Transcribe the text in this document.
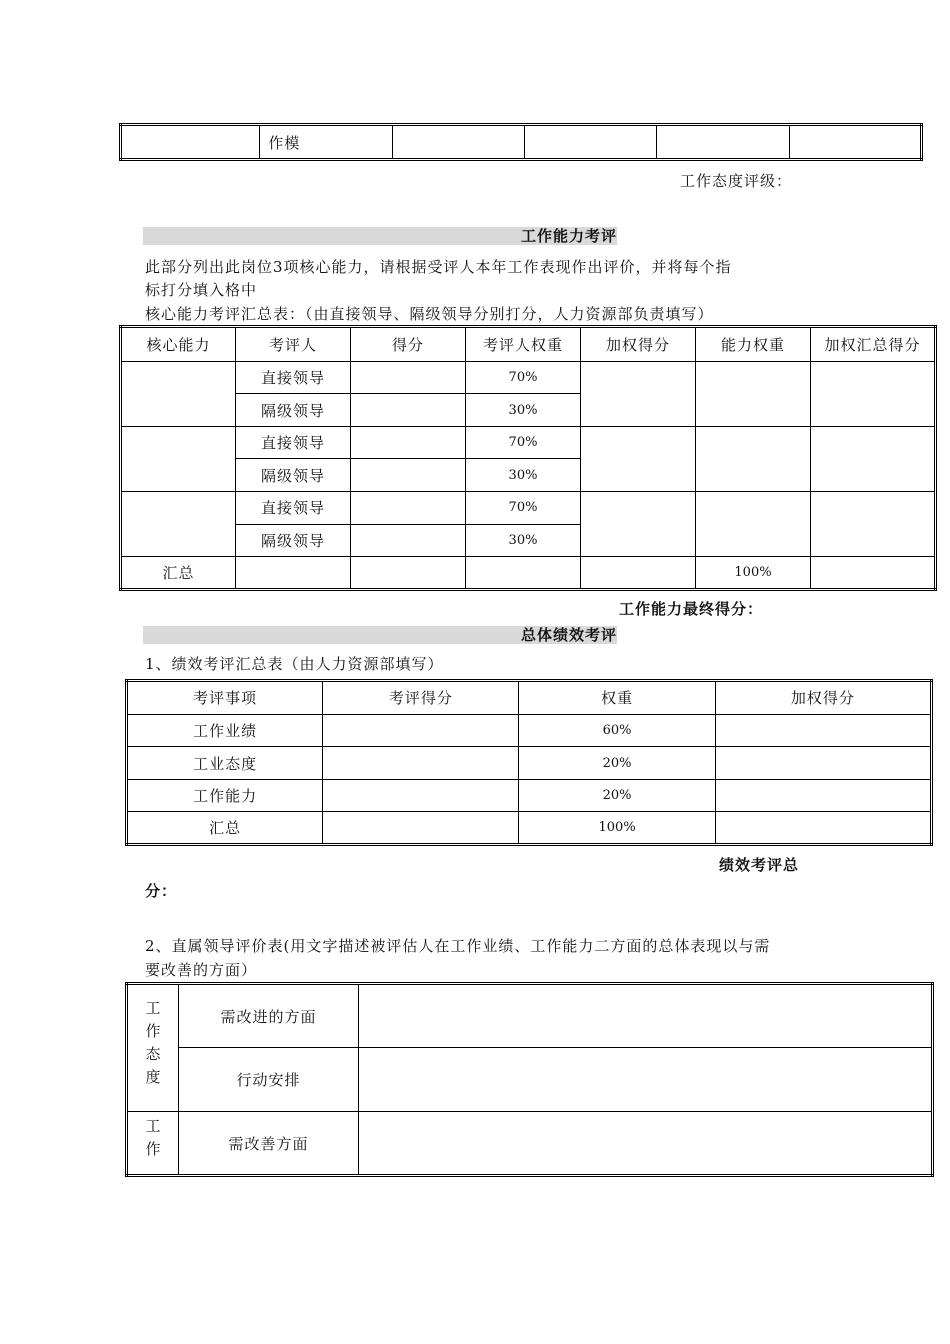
	作模				
工作态度评级：
工作能力考评
此部分列出此岗位3项核心能力，请根据受评人本年工作表现作出评价，并将每个指
标打分填入格中
核心能力考评汇总表：（由直接领导、隔级领导分别打分，人力资源部负责填写）
核心能力	考评人	得分	考评人权重	加权得分	能力权重	加权汇总得分
	直接领导		70%			
	隔级领导		30%			
	直接领导		70%			
	隔级领导		30%			
	直接领导		70%			
	隔级领导		30%			
汇总					100%	
工作能力最终得分：
总体绩效考评
1、绩效考评汇总表（由人力资源部填写）
考评事项	考评得分	权重	加权得分
工作业绩		60%	
工业态度		20%	
工作能力		20%	
汇总		100%	
绩效考评总
分：
2、直属领导评价表(用文字描述被评估人在工作业绩、工作能力二方面的总体表现以与需
要改善的方面）
工作态度	需改进的方面	
	行动安排	
工作	需改善方面	
